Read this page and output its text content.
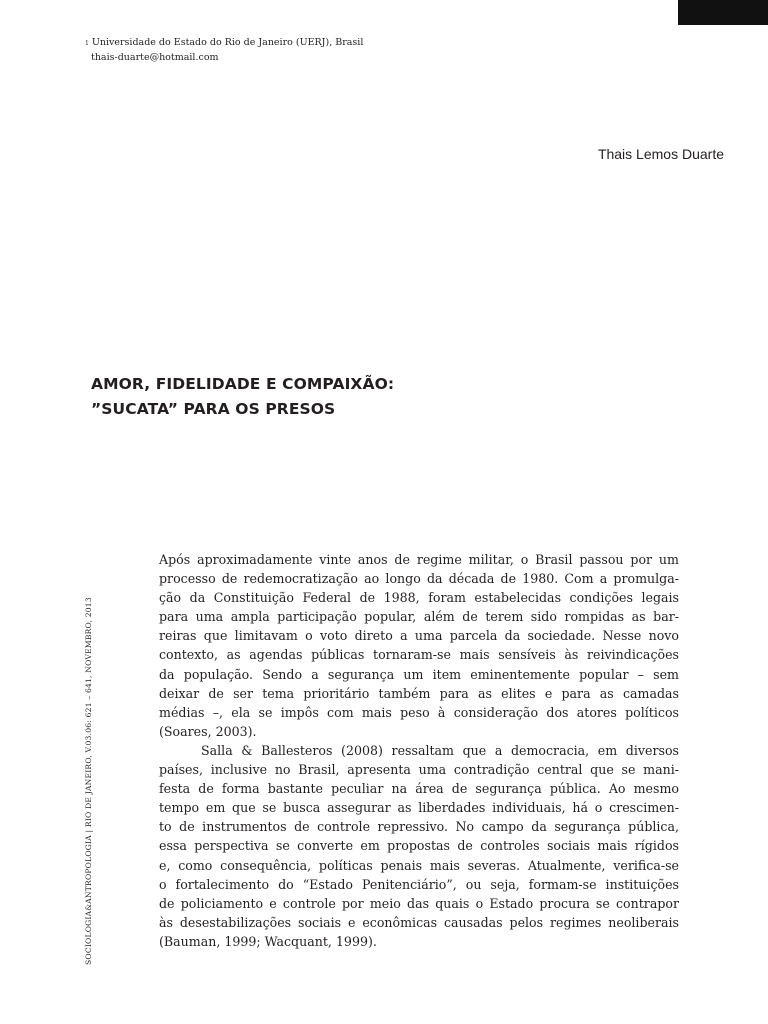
$^1$ Universidade do Estado do Rio de Janeiro (UERJ), Brasil
thais-duarte@hotmail.com
Thais Lemos Duarte
AMOR, FIDELIDADE E COMPAIXÃO:
”SUCATA” PARA OS PRESOS
SOCIOLOGIA&ANTROPOLOGIA | RIO DE JANEIRO, V.03.06: 621 – 641, NOVEMBRO, 2013
Após aproximadamente vinte anos de regime militar, o Brasil passou por um
processo de redemocratização ao longo da década de 1980. Com a promulga-
ção da Constituição Federal de 1988, foram estabelecidas condições legais
para uma ampla participação popular, além de terem sido rompidas as bar-
reiras que limitavam o voto direto a uma parcela da sociedade. Nesse novo
contexto, as agendas públicas tornaram-se mais sensíveis às reivindicações
da população. Sendo a segurança um item eminentemente popular – sem
deixar de ser tema prioritário também para as elites e para as camadas
médias –, ela se impôs com mais peso à consideração dos atores políticos
(Soares, 2003).
Salla & Ballesteros (2008) ressaltam que a democracia, em diversos
países, inclusive no Brasil, apresenta uma contradição central que se mani-
festa de forma bastante peculiar na área de segurança pública. Ao mesmo
tempo em que se busca assegurar as liberdades individuais, há o crescimen-
to de instrumentos de controle repressivo. No campo da segurança pública,
essa perspectiva se converte em propostas de controles sociais mais rígidos
e, como consequência, políticas penais mais severas. Atualmente, verifica-se
o fortalecimento do “Estado Penitenciário”, ou seja, formam-se instituições
de policiamento e controle por meio das quais o Estado procura se contrapor
às desestabilizações sociais e econômicas causadas pelos regimes neoliberais
(Bauman, 1999; Wacquant, 1999).
